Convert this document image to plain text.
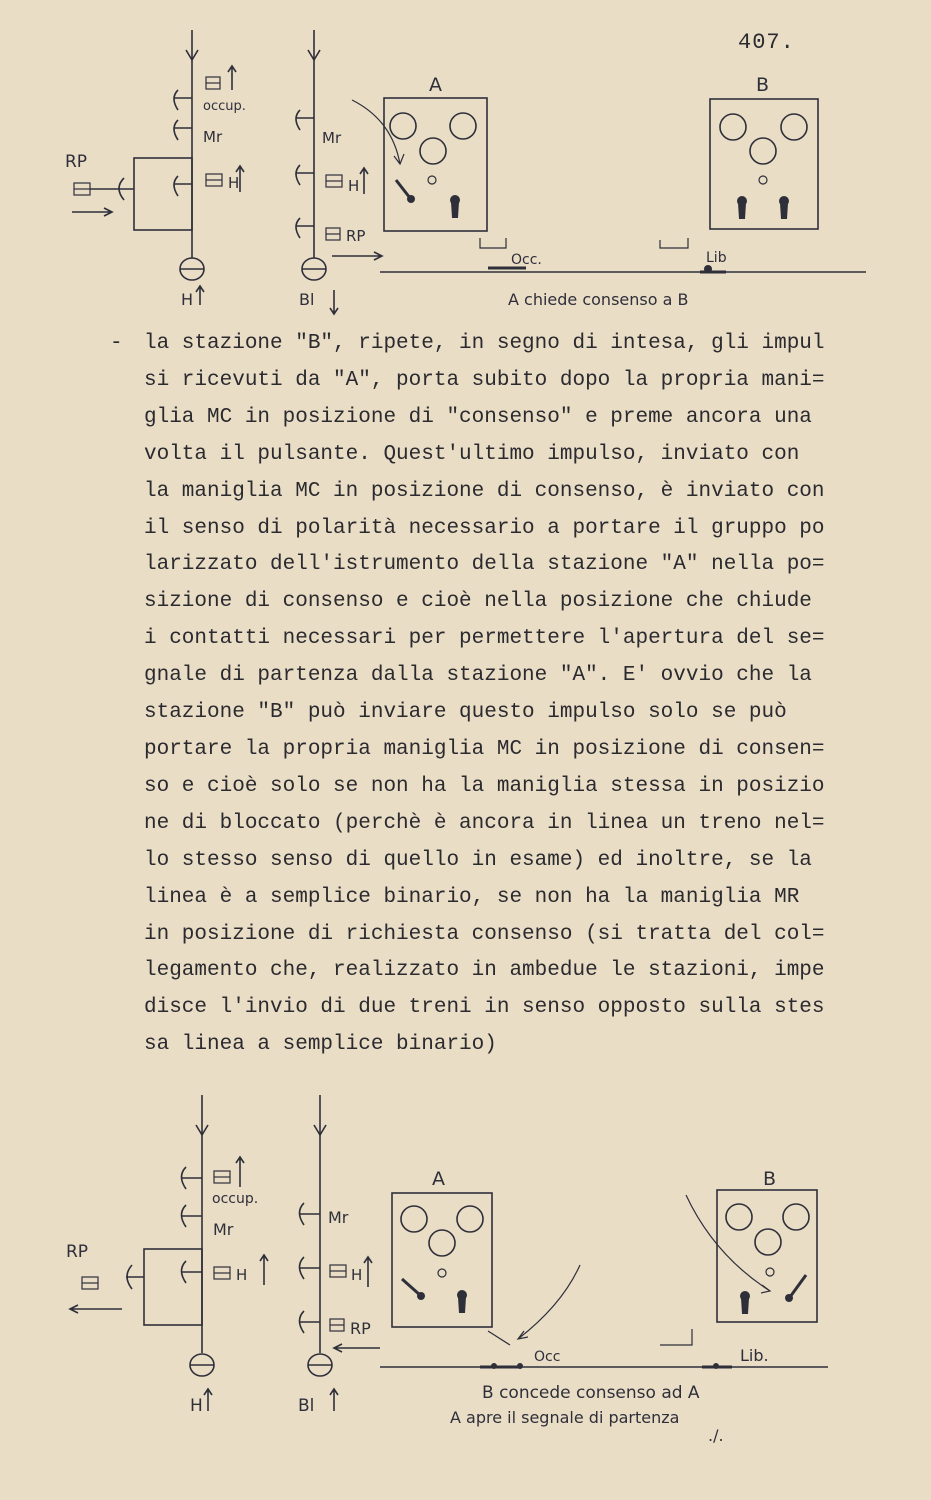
407.
occup.
Mr
H
RP
Mr
H
RP
H	Bl
A	B
Occ.	Lib
A chiede consenso a B
-	la stazione "B", ripete, in segno di intesa, gli impul
si ricevuti da "A", porta subito dopo la propria mani=
glia MC in posizione di "consenso" e preme ancora una
volta il pulsante. Quest'ultimo impulso, inviato con
la maniglia MC in posizione di consenso, è inviato con
il senso di polarità necessario a portare il gruppo po
larizzato dell'istrumento della stazione "A" nella po=
sizione di consenso e cioè nella posizione che chiude
i contatti necessari per permettere l'apertura del se=
gnale di partenza dalla stazione "A". E' ovvio che la
stazione "B" può inviare questo impulso solo se può
portare la propria maniglia MC in posizione di consen=
so e cioè solo se non ha la maniglia stessa in posizio
ne di bloccato (perchè è ancora in linea un treno nel=
lo stesso senso di quello in esame) ed inoltre, se la
linea è a semplice binario, se non ha la maniglia MR
in posizione di richiesta consenso (si tratta del col=
legamento che, realizzato in ambedue le stazioni, impe
disce l'invio di due treni in senso opposto sulla stes
sa linea a semplice binario)
occup.
Mr
H
RP
Mr
H
RP
H	Bl
A	B
Occ	Lib.
B concede consenso ad A
A apre il segnale di partenza
./.
